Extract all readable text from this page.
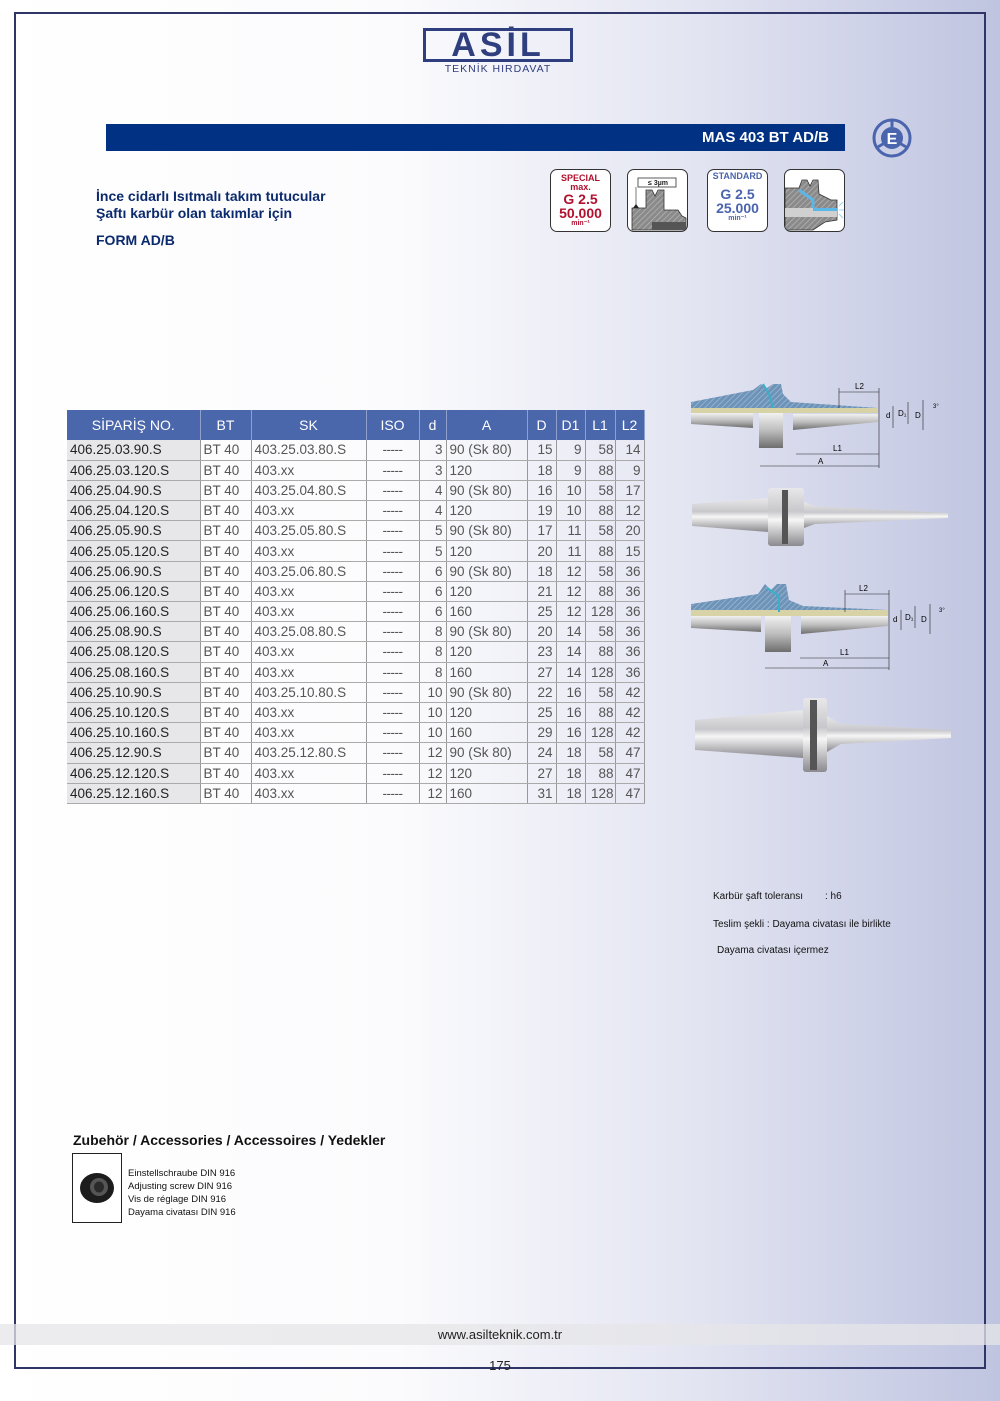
ASİL
TEKNİK HIRDAVAT
MAS 403 BT AD/B	E
İnce cidarlı Isıtmalı takım tutucular
Şaftı karbür olan takımlar için
FORM AD/B
SPECIAL
max.
G 2.5
50.000
min⁻¹
≤ 3µm
STANDARD
G 2.5
25.000
min⁻¹
SİPARİŞ NO.	BT	SK	ISO	d	A	D	D1	L1	L2
406.25.03.90.S	BT 40	403.25.03.80.S	-----	3	90 (Sk 80)	15	9	58	14
406.25.03.120.S	BT 40	403.xx	-----	3	120	18	9	88	9
406.25.04.90.S	BT 40	403.25.04.80.S	-----	4	90 (Sk 80)	16	10	58	17
406.25.04.120.S	BT 40	403.xx	-----	4	120	19	10	88	12
406.25.05.90.S	BT 40	403.25.05.80.S	-----	5	90 (Sk 80)	17	11	58	20
406.25.05.120.S	BT 40	403.xx	-----	5	120	20	11	88	15
406.25.06.90.S	BT 40	403.25.06.80.S	-----	6	90 (Sk 80)	18	12	58	36
406.25.06.120.S	BT 40	403.xx	-----	6	120	21	12	88	36
406.25.06.160.S	BT 40	403.xx	-----	6	160	25	12	128	36
406.25.08.90.S	BT 40	403.25.08.80.S	-----	8	90 (Sk 80)	20	14	58	36
406.25.08.120.S	BT 40	403.xx	-----	8	120	23	14	88	36
406.25.08.160.S	BT 40	403.xx	-----	8	160	27	14	128	36
406.25.10.90.S	BT 40	403.25.10.80.S	-----	10	90 (Sk 80)	22	16	58	42
406.25.10.120.S	BT 40	403.xx	-----	10	120	25	16	88	42
406.25.10.160.S	BT 40	403.xx	-----	10	160	29	16	128	42
406.25.12.90.S	BT 40	403.25.12.80.S	-----	12	90 (Sk 80)	24	18	58	47
406.25.12.120.S	BT 40	403.xx	-----	12	120	27	18	88	47
406.25.12.160.S	BT 40	403.xx	-----	12	160	31	18	128	47
L2
L1
A
d D₁ D
3°
L2
L1
A
d D₁ D
3°
Karbür şaft toleransı : h6
Teslim şekli : Dayama civatası ile birlikte
Dayama civatası içermez
Zubehör / Accessories / Accessoires / Yedekler
Einstellschraube DIN 916
Adjusting screw DIN 916
Vis de réglage DIN 916
Dayama civatası DIN 916
www.asilteknik.com.tr
175
